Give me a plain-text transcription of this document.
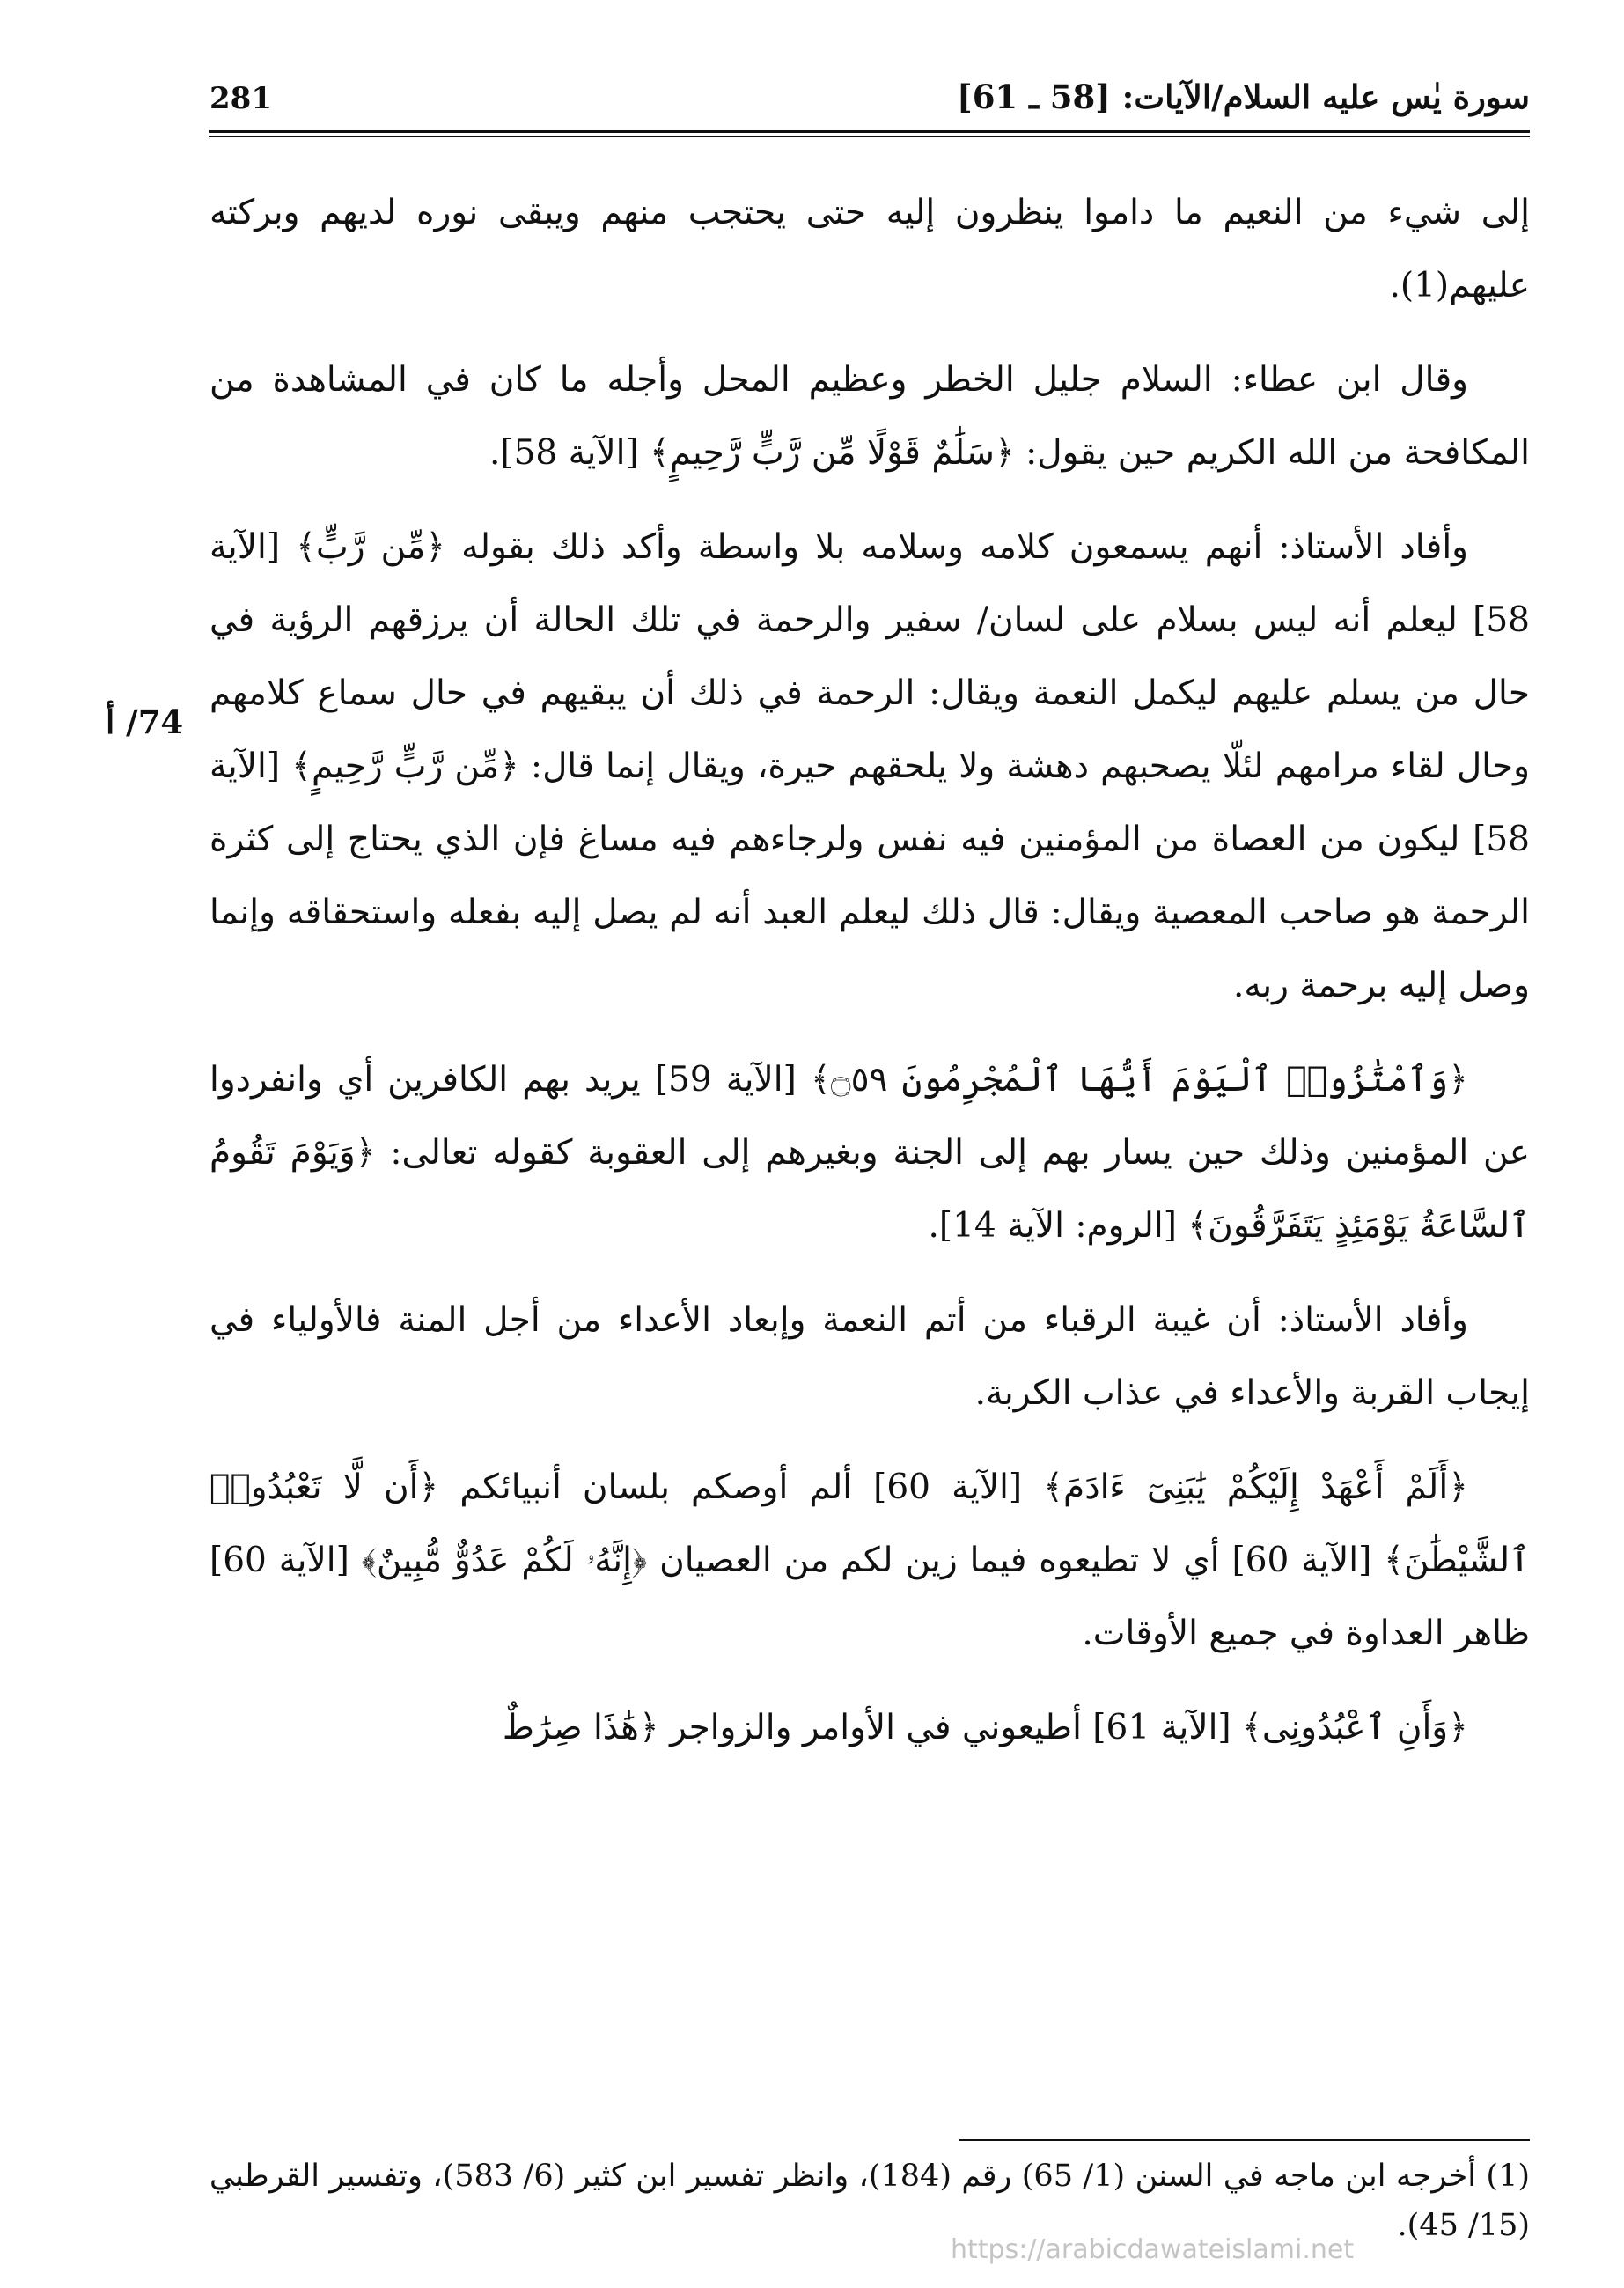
سورة يٰس عليه السلام/الآيات: [58 ـ 61]
281
74/ أ

إلى شيء من النعيم ما داموا ينظرون إليه حتى يحتجب منهم ويبقى نوره لديهم وبركته عليهم(1).

وقال ابن عطاء: السلام جليل الخطر وعظيم المحل وأجله ما كان في المشاهدة من المكافحة من الله الكريم حين يقول: ﴿سَلَٰمٌ قَوْلًا مِّن رَّبٍّ رَّحِيمٍ﴾ [الآية 58].

وأفاد الأستاذ: أنهم يسمعون كلامه وسلامه بلا واسطة وأكد ذلك بقوله ﴿مِّن رَّبٍّ﴾ [الآية 58] ليعلم أنه ليس بسلام على لسان/ سفير والرحمة في تلك الحالة أن يرزقهم الرؤية في حال من يسلم عليهم ليكمل النعمة ويقال: الرحمة في ذلك أن يبقيهم في حال سماع كلامهم وحال لقاء مرامهم لئلّا يصحبهم دهشة ولا يلحقهم حيرة، ويقال إنما قال: ﴿مِّن رَّبٍّ رَّحِيمٍ﴾ [الآية 58] ليكون من العصاة من المؤمنين فيه نفس ولرجاءهم فيه مساغ فإن الذي يحتاج إلى كثرة الرحمة هو صاحب المعصية ويقال: قال ذلك ليعلم العبد أنه لم يصل إليه بفعله واستحقاقه وإنما وصل إليه برحمة ربه.

﴿وَٱمْتَٰزُوا۟ ٱلْيَوْمَ أَيُّهَا ٱلْمُجْرِمُونَ ۝٥٩﴾ [الآية 59] يريد بهم الكافرين أي وانفردوا عن المؤمنين وذلك حين يسار بهم إلى الجنة وبغيرهم إلى العقوبة كقوله تعالى: ﴿وَيَوْمَ تَقُومُ ٱلسَّاعَةُ يَوْمَئِذٍ يَتَفَرَّقُونَ﴾ [الروم: الآية 14].

وأفاد الأستاذ: أن غيبة الرقباء من أتم النعمة وإبعاد الأعداء من أجل المنة فالأولياء في إيجاب القربة والأعداء في عذاب الكربة.

﴿أَلَمْ أَعْهَدْ إِلَيْكُمْ يَٰبَنِىٓ ءَادَمَ﴾ [الآية 60] ألم أوصكم بلسان أنبيائكم ﴿أَن لَّا تَعْبُدُوا۟ ٱلشَّيْطَٰنَ﴾ [الآية 60] أي لا تطيعوه فيما زين لكم من العصيان ﴿إِنَّهُۥ لَكُمْ عَدُوٌّ مُّبِينٌ﴾ [الآية 60] ظاهر العداوة في جميع الأوقات.

﴿وَأَنِ ٱعْبُدُونِى﴾ [الآية 61] أطيعوني في الأوامر والزواجر ﴿هَٰذَا صِرَٰطٌ

(1) أخرجه ابن ماجه في السنن (1/ 65) رقم (184)، وانظر تفسير ابن كثير (6/ 583)، وتفسير القرطبي (15/ 45).

https://arabicdawateislami.net
